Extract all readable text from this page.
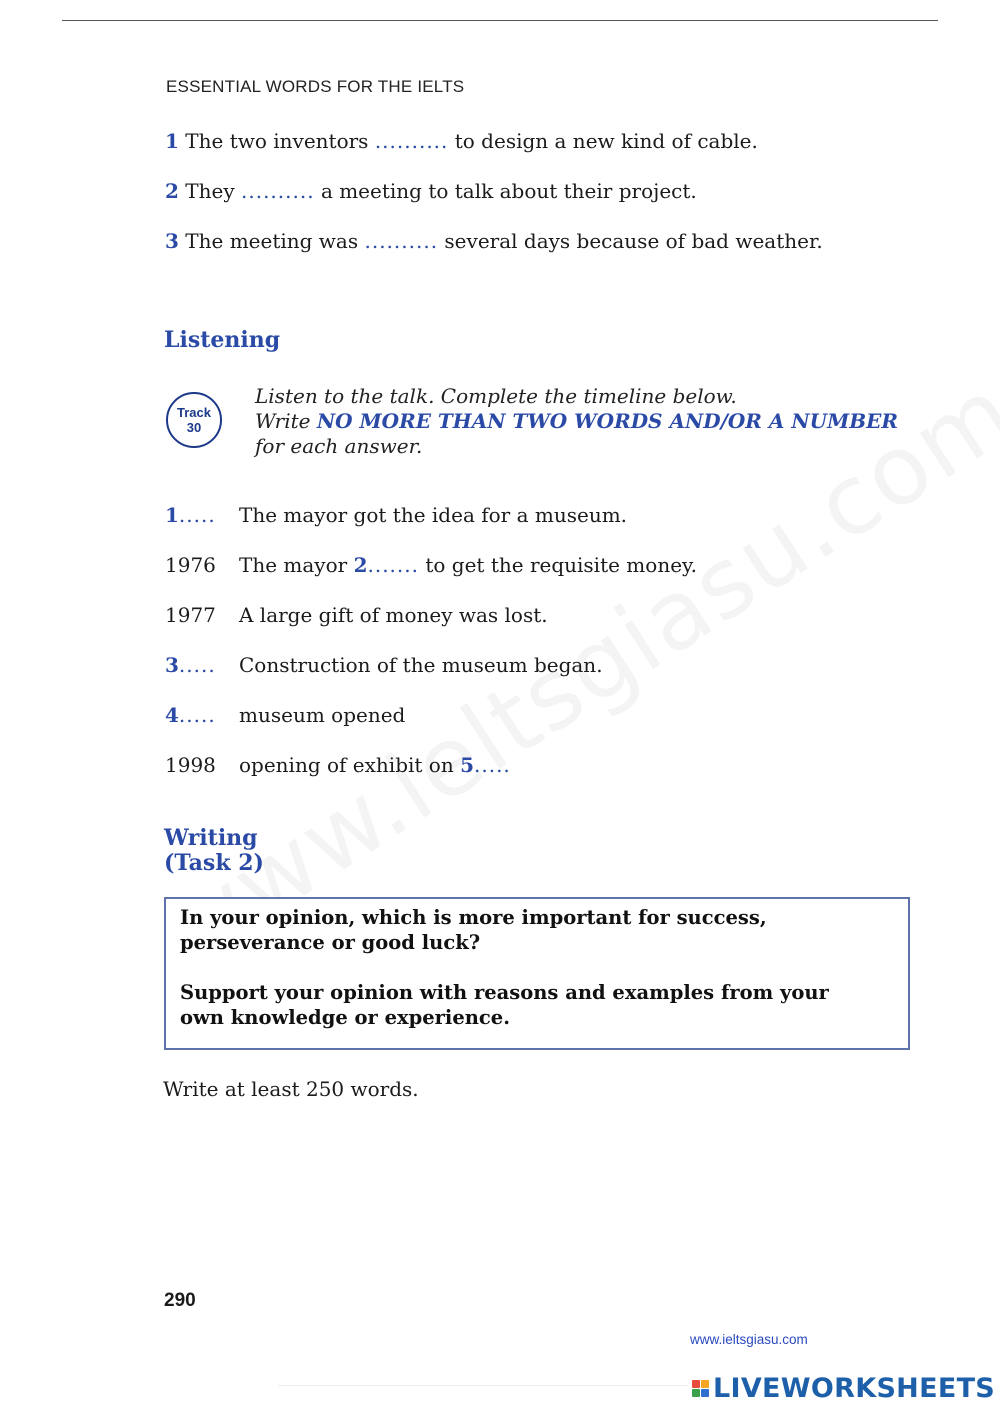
ESSENTIAL WORDS FOR THE IELTS
1 The two inventors .......... to design a new kind of cable.
2 They .......... a meeting to talk about their project.
3 The meeting was .......... several days because of bad weather.
Listening
Track
30
Listen to the talk. Complete the timeline below.
Write NO MORE THAN TWO WORDS AND/OR A NUMBER
for each answer.
1.....	The mayor got the idea for a museum.
1976	The mayor 2....... to get the requisite money.
1977	A large gift of money was lost.
3.....	Construction of the museum began.
4.....	museum opened
1998	opening of exhibit on 5.....
Writing
(Task 2)

In your opinion, which is more important for success,
perseverance or good luck?

Support your opinion with reasons and examples from your
own knowledge or experience.

Write at least 250 words.
290
www.ieltsgiasu.com
LIVEWORKSHEETS
